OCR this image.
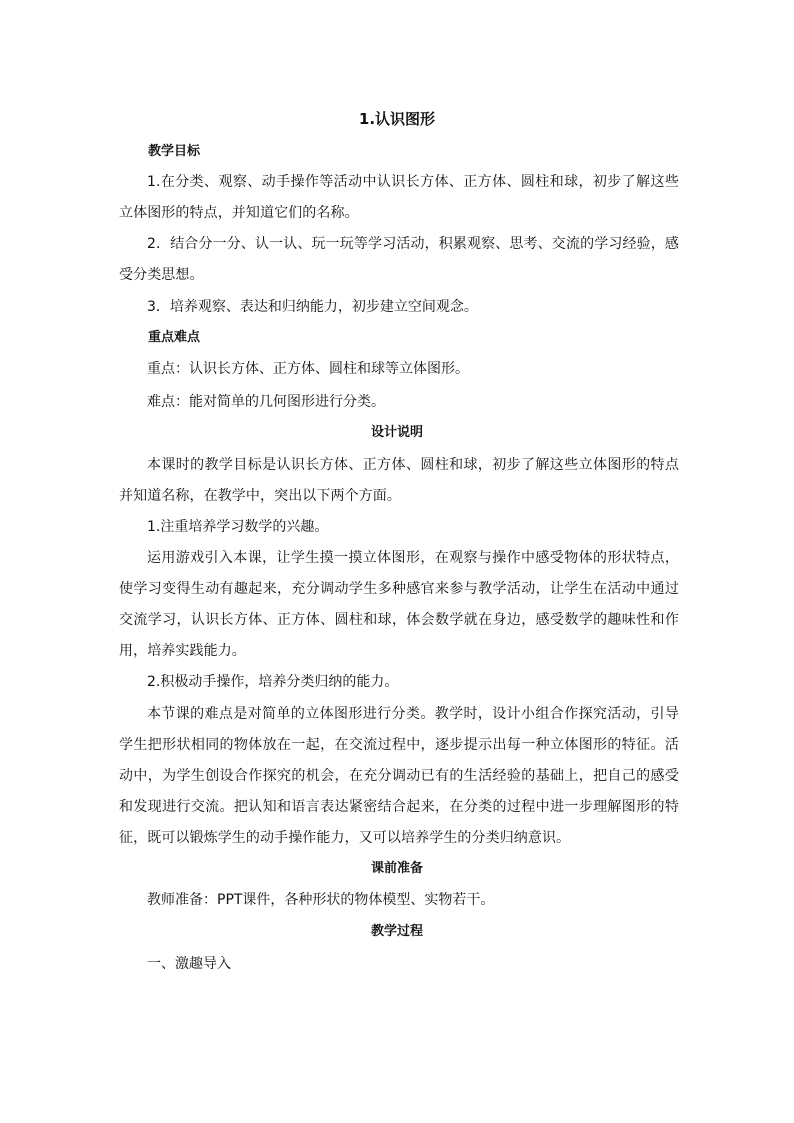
1.认识图形
教学目标
1.在分类、观察、动手操作等活动中认识长方体、正方体、圆柱和球，初步了解这些立体图形的特点，并知道它们的名称。
2．结合分一分、认一认、玩一玩等学习活动，积累观察、思考、交流的学习经验，感受分类思想。
3．培养观察、表达和归纳能力，初步建立空间观念。
重点难点
重点：认识长方体、正方体、圆柱和球等立体图形。
难点：能对简单的几何图形进行分类。
设计说明
本课时的教学目标是认识长方体、正方体、圆柱和球，初步了解这些立体图形的特点并知道名称，在教学中，突出以下两个方面。
1.注重培养学习数学的兴趣。
运用游戏引入本课，让学生摸一摸立体图形，在观察与操作中感受物体的形状特点，使学习变得生动有趣起来，充分调动学生多种感官来参与教学活动，让学生在活动中通过交流学习，认识长方体、正方体、圆柱和球，体会数学就在身边，感受数学的趣味性和作用，培养实践能力。
2.积极动手操作，培养分类归纳的能力。
本节课的难点是对简单的立体图形进行分类。教学时，设计小组合作探究活动，引导学生把形状相同的物体放在一起，在交流过程中，逐步提示出每一种立体图形的特征。活动中，为学生创设合作探究的机会，在充分调动已有的生活经验的基础上，把自己的感受和发现进行交流。把认知和语言表达紧密结合起来，在分类的过程中进一步理解图形的特征，既可以锻炼学生的动手操作能力，又可以培养学生的分类归纳意识。
课前准备
教师准备：PPT课件，各种形状的物体模型、实物若干。
教学过程
一、激趣导入
